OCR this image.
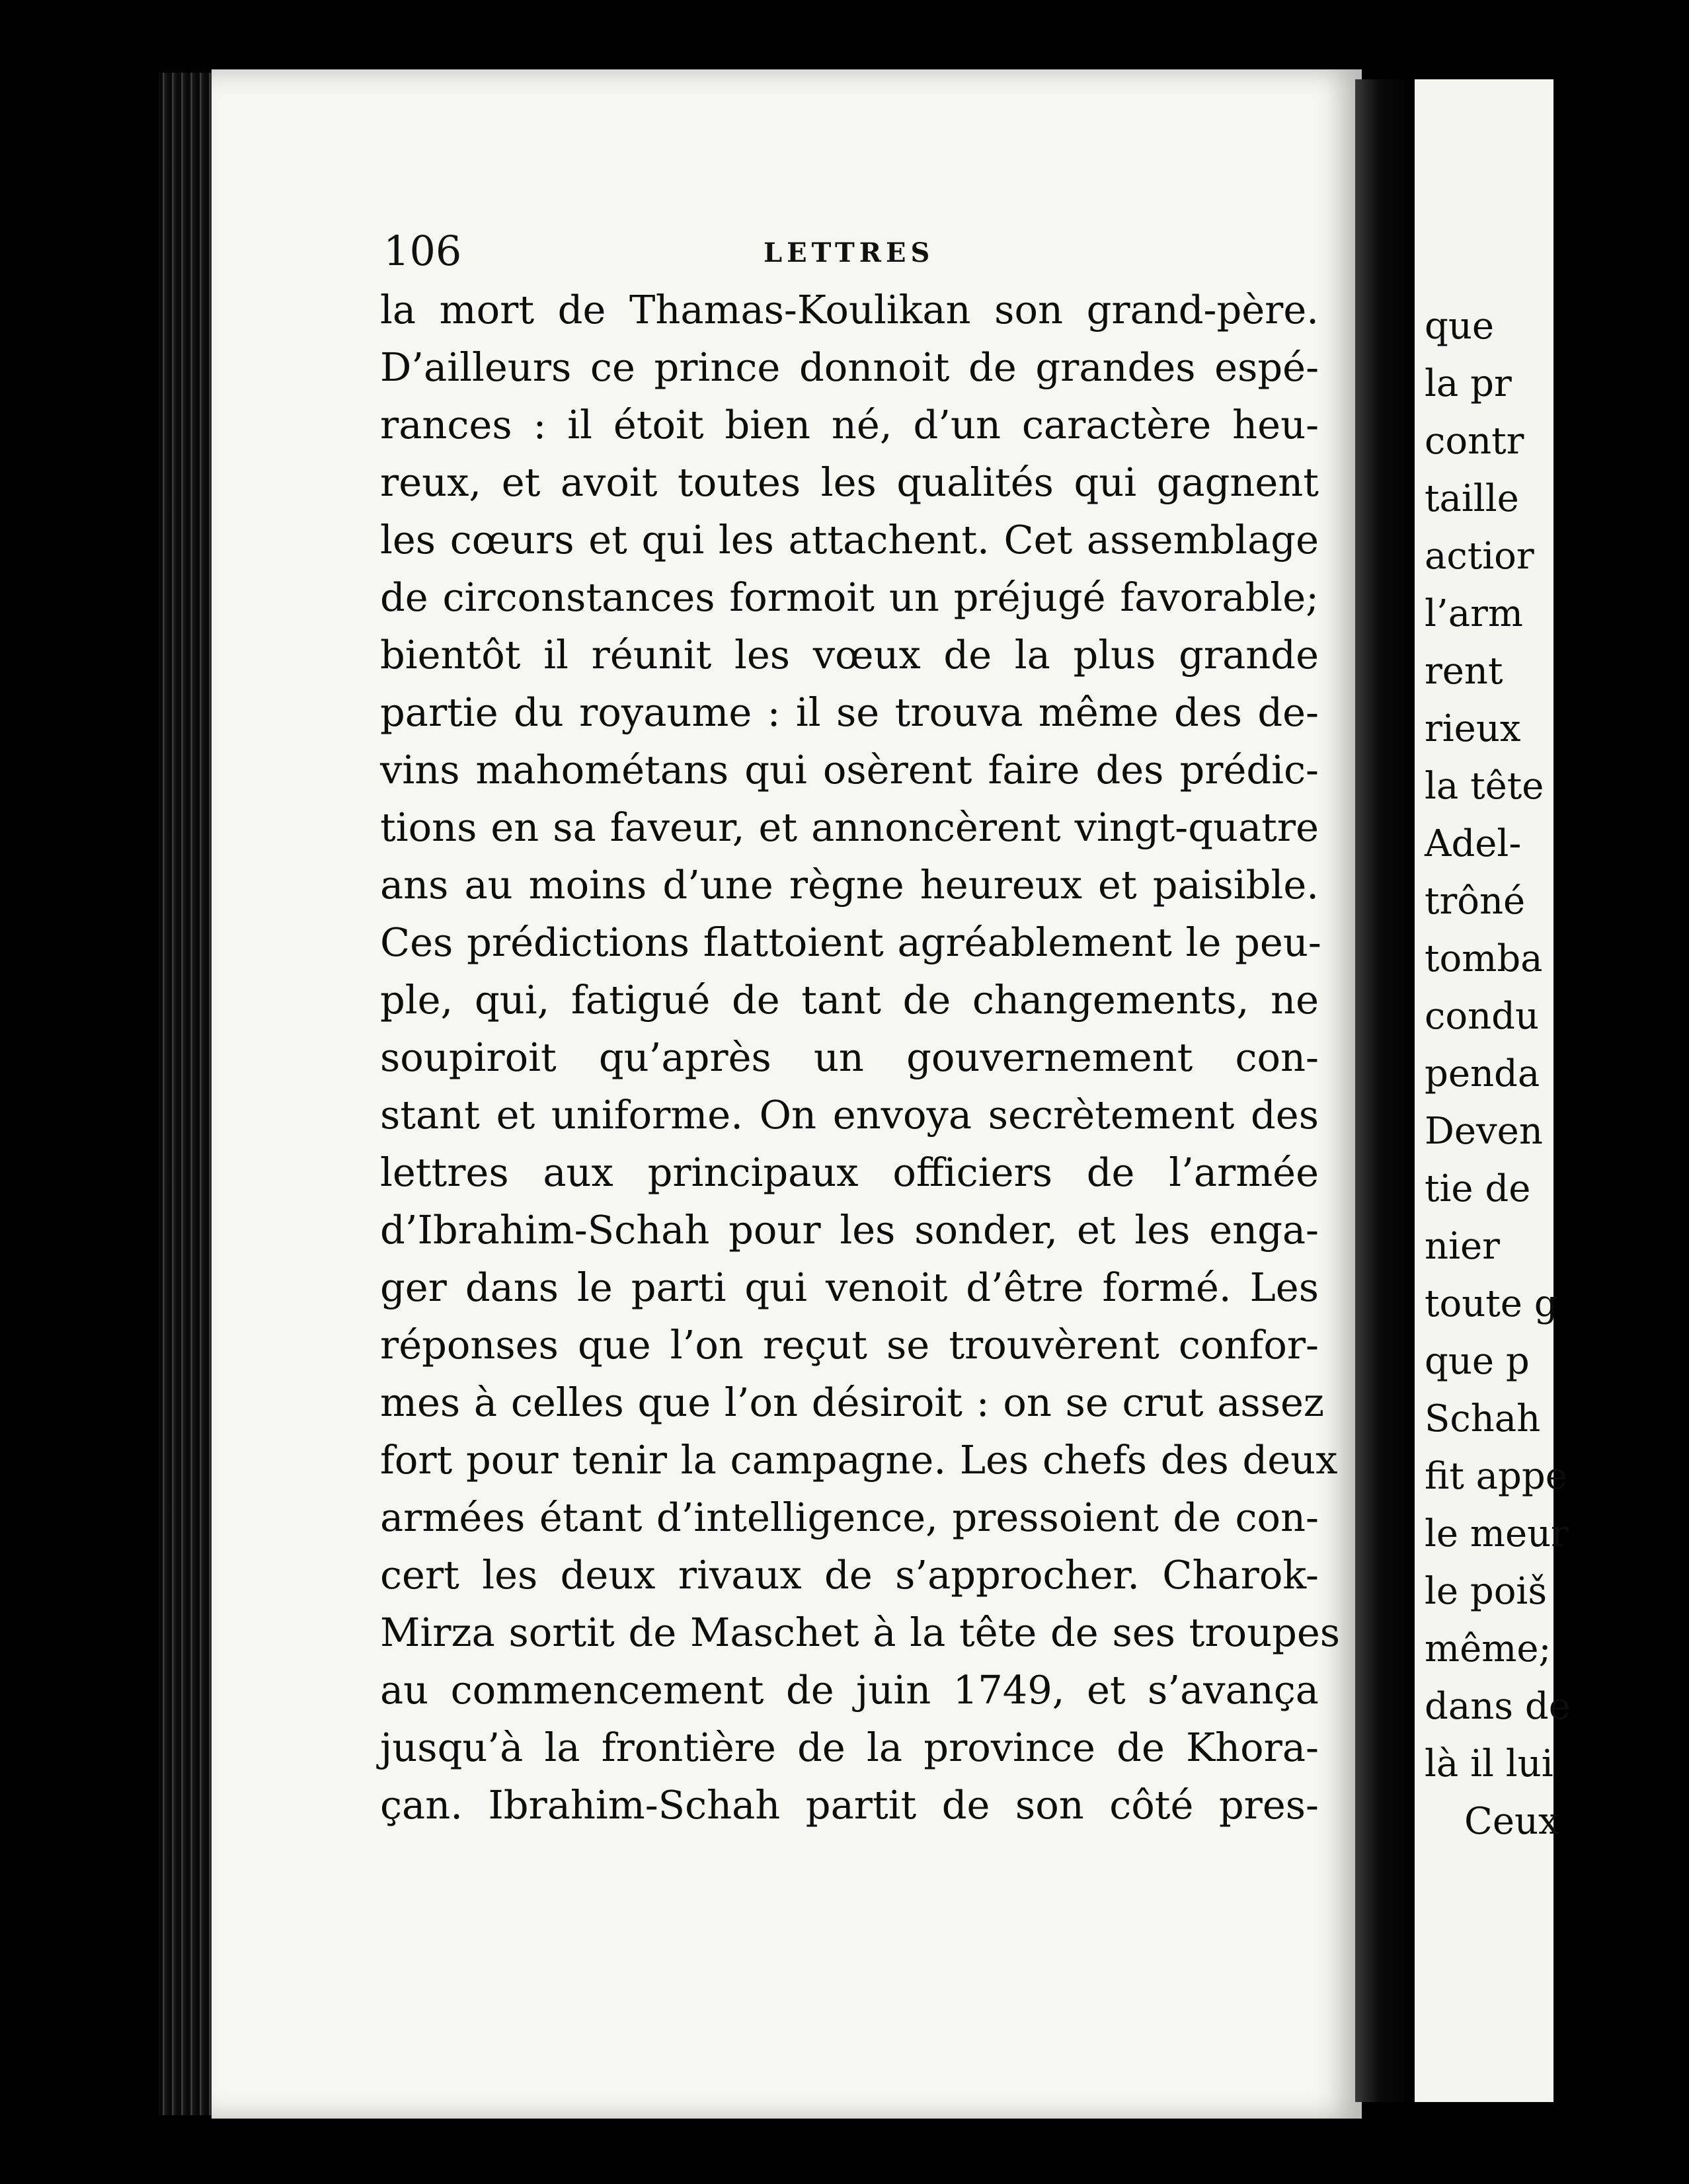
106	LETTRES
la mort de Thamas-Koulikan son grand-père.
D’ailleurs ce prince donnoit de grandes espé-
rances : il étoit bien né, d’un caractère heu-
reux, et avoit toutes les qualités qui gagnent
les cœurs et qui les attachent. Cet assemblage
de circonstances formoit un préjugé favorable;
bientôt il réunit les vœux de la plus grande
partie du royaume : il se trouva même des de-
vins mahométans qui osèrent faire des prédic-
tions en sa faveur, et annoncèrent vingt-quatre
ans au moins d’une règne heureux et paisible.
Ces prédictions flattoient agréablement le peu-
ple, qui, fatigué de tant de changements, ne
soupiroit qu’après un gouvernement con-
stant et uniforme. On envoya secrètement des
lettres aux principaux officiers de l’armée
d’Ibrahim-Schah pour les sonder, et les enga-
ger dans le parti qui venoit d’être formé. Les
réponses que l’on reçut se trouvèrent confor-
mes à celles que l’on désiroit : on se crut assez
fort pour tenir la campagne. Les chefs des deux
armées étant d’intelligence, pressoient de con-
cert les deux rivaux de s’approcher. Charok-
Mirza sortit de Maschet à la tête de ses troupes
au commencement de juin 1749, et s’avança
jusqu’à la frontière de la province de Khora-
çan. Ibrahim-Schah partit de son côté pres-
que
la pr
contr
taille
actior
l’arm
rent
rieux
la tête
Adel-
trôné
tomba
condu
penda
Deven
tie de
nier
toute g
que p
Schah
fit appe
le meur
le poiš
même;
dans de
là il lui
Ceux
